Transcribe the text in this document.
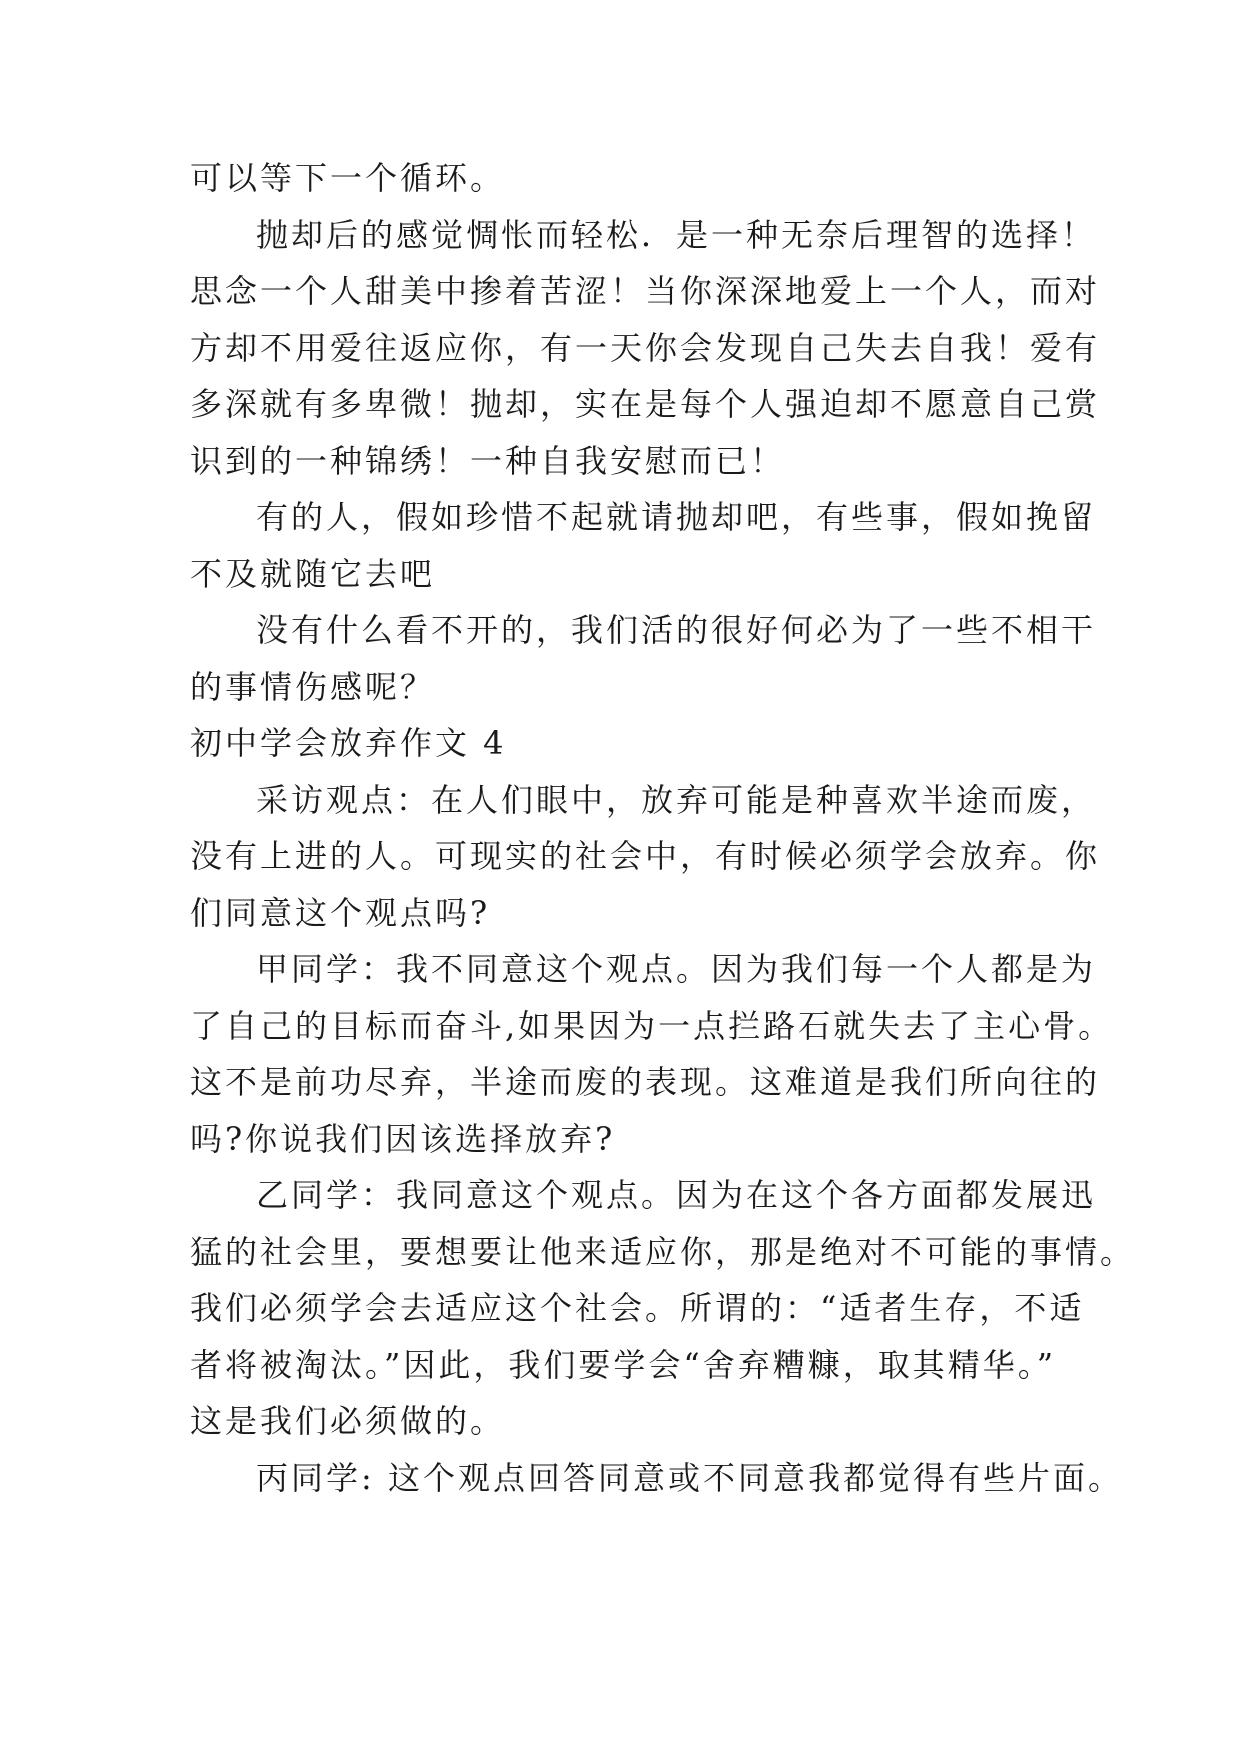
可以等下一个循环。
抛却后的感觉惆怅而轻松．是一种无奈后理智的选择！
思念一个人甜美中掺着苦涩！当你深深地爱上一个人，而对
方却不用爱往返应你，有一天你会发现自己失去自我！爱有
多深就有多卑微！抛却，实在是每个人强迫却不愿意自己赏
识到的一种锦绣！一种自我安慰而已！
有的人，假如珍惜不起就请抛却吧，有些事，假如挽留
不及就随它去吧
没有什么看不开的，我们活的很好何必为了一些不相干
的事情伤感呢？
初中学会放弃作文 4
采访观点：在人们眼中，放弃可能是种喜欢半途而废，
没有上进的人。可现实的社会中，有时候必须学会放弃。你
们同意这个观点吗?
甲同学：我不同意这个观点。因为我们每一个人都是为
了自己的目标而奋斗,如果因为一点拦路石就失去了主心骨。
这不是前功尽弃，半途而废的表现。这难道是我们所向往的
吗?你说我们因该选择放弃?
乙同学：我同意这个观点。因为在这个各方面都发展迅
猛的社会里，要想要让他来适应你，那是绝对不可能的事情。
我们必须学会去适应这个社会。所谓的：“适者生存，不适
者将被淘汰。”因此，我们要学会“舍弃糟糠，取其精华。”
这是我们必须做的。
丙同学: 这个观点回答同意或不同意我都觉得有些片面。
